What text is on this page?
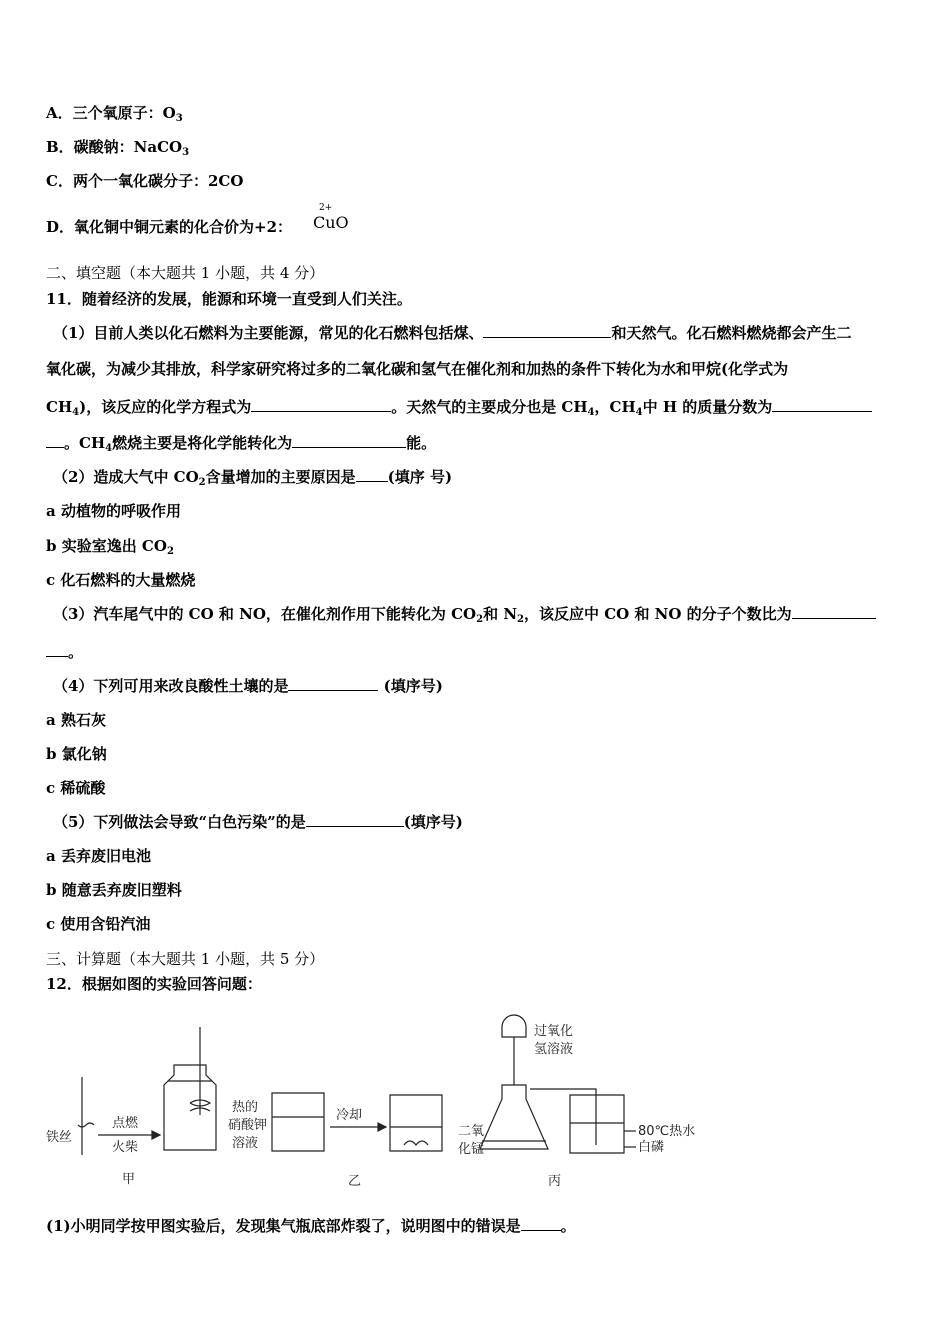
A．三个氧原子：$O_3$
B．碳酸钠：NaCO$_3$
C．两个一氧化碳分子：2CO
D．氧化铜中铜元素的化合价为+2：
2+
CuO
二、填空题（本大题共 1 小题，共 4 分）
11．随着经济的发展，能源和环境一直受到人们关注。
（1）目前人类以化石燃料为主要能源，常见的化石燃料包括煤、	和天然气。化石燃料燃烧都会产生二
氧化碳，为减少其排放，科学家研究将过多的二氧化碳和氢气在催化剂和加热的条件下转化为水和甲烷(化学式为
$CH_4$)，该反应的化学方程式为	。天然气的主要成分也是 $CH_4$，$CH_4$中 H 的质量分数为
。$CH_4$燃烧主要是将化学能转化为	能。
（2）造成大气中 $CO_2$含量增加的主要原因是 (填序 号)
a 动植物的呼吸作用
b 实验室逸出 $CO_2$
c 化石燃料的大量燃烧
（3）汽车尾气中的 CO 和 NO，在催化剂作用下能转化为 $CO_2$和 $N_2$，该反应中 CO 和 NO 的分子个数比为
。
（4）下列可用来改良酸性土壤的是	(填序号)
a 熟石灰
b 氯化钠
c 稀硫酸
（5）下列做法会导致“白色污染”的是	(填序号)
a 丢弃废旧电池
b 随意丢弃废旧塑料
c 使用含铅汽油
三、计算题（本大题共 1 小题，共 5 分）
12．根据如图的实验回答问题：
铁丝
点燃
火柴
热的
硝酸钾
溶液
冷却
过氧化
氢溶液
二氧
化锰
80℃热水
白磷
甲	乙	丙
(1)小明同学按甲图实验后，发现集气瓶底部炸裂了，说明图中的错误是	。
